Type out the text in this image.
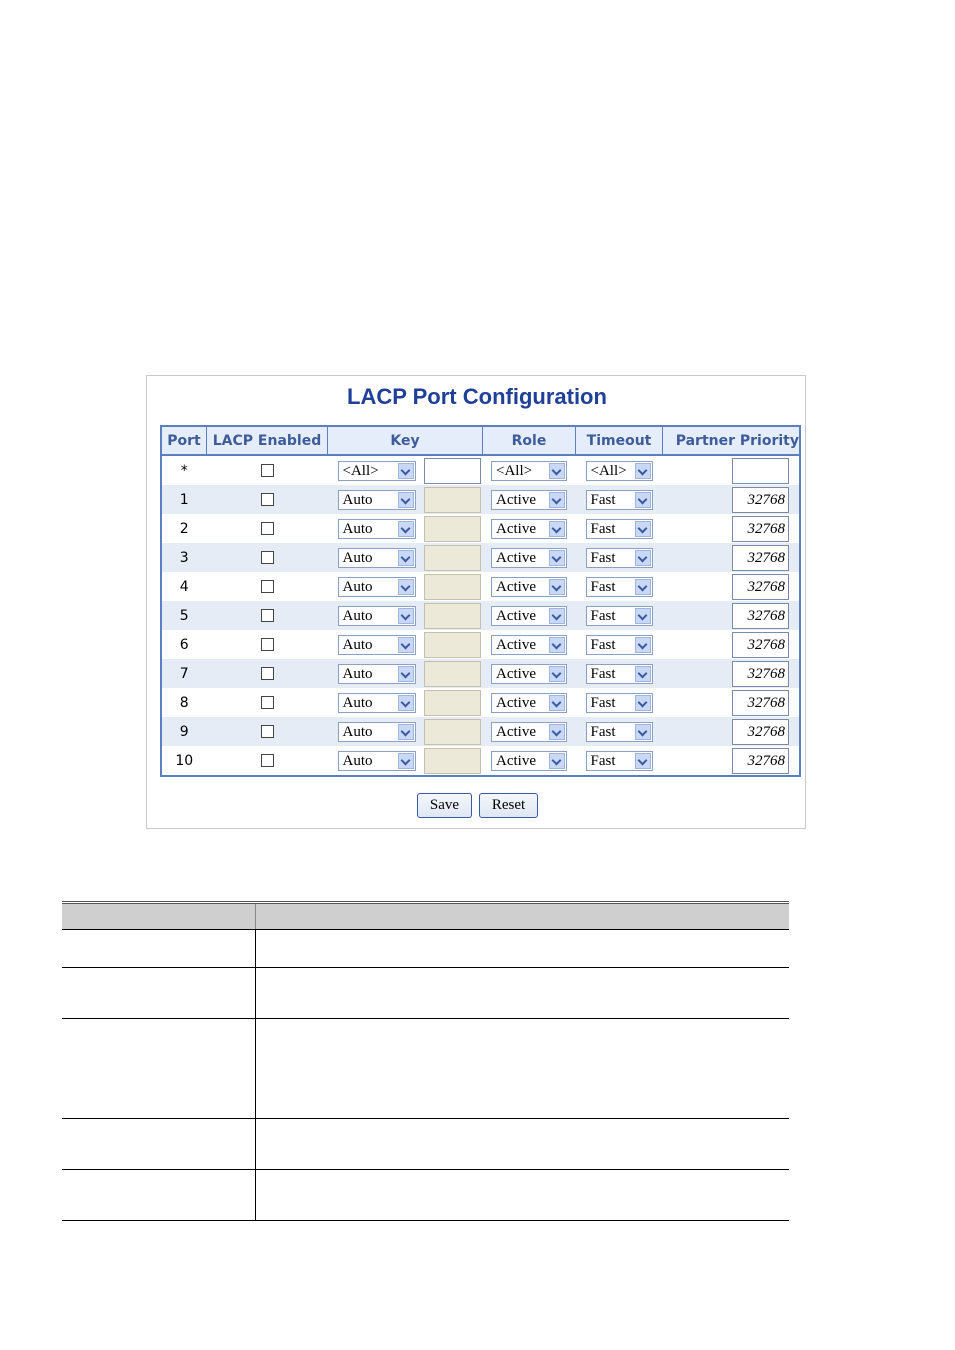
LACP Port Configuration
Port	LACP Enabled	Key		Role	Timeout	Partner Priority
*		<All>		<All>	<All>	

1		Auto		Active	Fast	32768
2		Auto		Active	Fast	32768
3		Auto		Active	Fast	32768
4		Auto		Active	Fast	32768
5		Auto		Active	Fast	32768
6		Auto		Active	Fast	32768
7		Auto		Active	Fast	32768
8		Auto		Active	Fast	32768
9		Auto		Active	Fast	32768
10		Auto		Active	Fast	32768
Save	Reset
